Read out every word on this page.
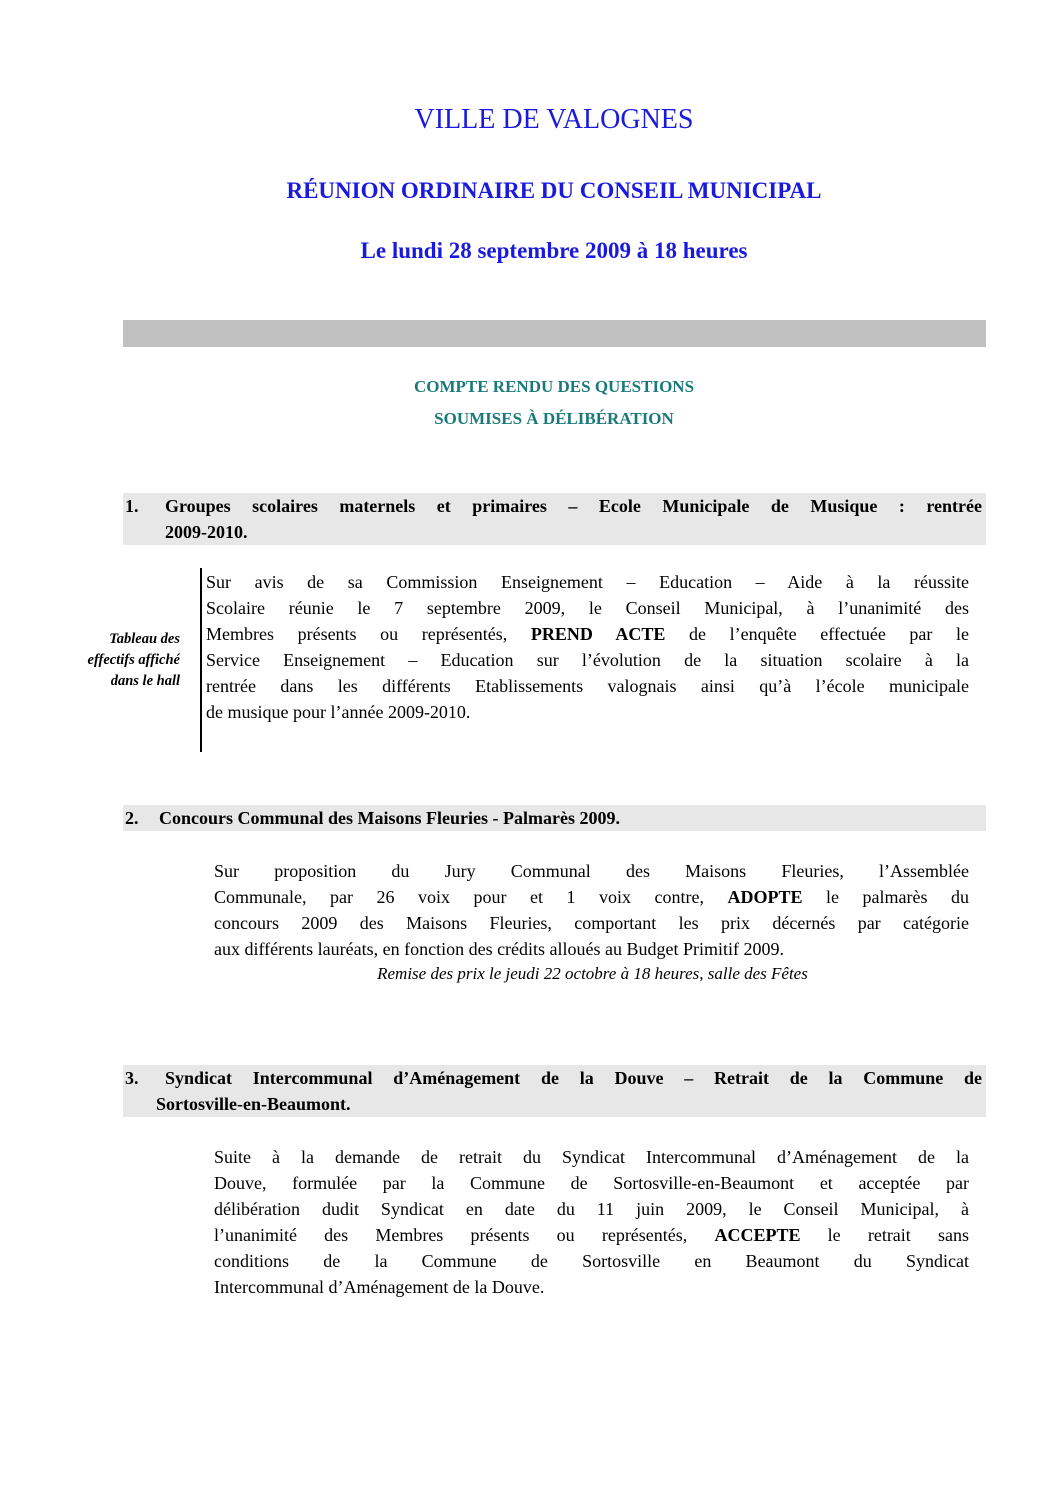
VILLE DE VALOGNES
RÉUNION ORDINAIRE DU CONSEIL MUNICIPAL
Le lundi 28 septembre 2009 à 18 heures
COMPTE RENDU DES QUESTIONS
SOUMISES À DÉLIBÉRATION
1.	Groupes scolaires maternels et primaires – Ecole Municipale de Musique : rentrée
2009-2010.
Tableau des
effectifs affiché
dans le hall
Sur avis de sa Commission Enseignement – Education – Aide à la réussite
Scolaire réunie le 7 septembre 2009, le Conseil Municipal, à l’unanimité des
Membres présents ou représentés, PREND ACTE de l’enquête effectuée par le
Service Enseignement – Education sur l’évolution de la situation scolaire à la
rentrée dans les différents Etablissements valognais ainsi qu’à l’école municipale
de musique pour l’année 2009-2010.
2.	Concours Communal des Maisons Fleuries - Palmarès 2009.
Sur proposition du Jury Communal des Maisons Fleuries, l’Assemblée
Communale, par 26 voix pour et 1 voix contre, ADOPTE le palmarès du
concours 2009 des Maisons Fleuries, comportant les prix décernés par catégorie
aux différents lauréats, en fonction des crédits alloués au Budget Primitif 2009.
Remise des prix le jeudi 22 octobre à 18 heures, salle des Fêtes
3.	Syndicat Intercommunal d’Aménagement de la Douve – Retrait de la Commune de
Sortosville-en-Beaumont.
Suite à la demande de retrait du Syndicat Intercommunal d’Aménagement de la
Douve, formulée par la Commune de Sortosville-en-Beaumont et acceptée par
délibération dudit Syndicat en date du 11 juin 2009, le Conseil Municipal, à
l’unanimité des Membres présents ou représentés, ACCEPTE le retrait sans
conditions de la Commune de Sortosville en Beaumont du Syndicat
Intercommunal d’Aménagement de la Douve.
